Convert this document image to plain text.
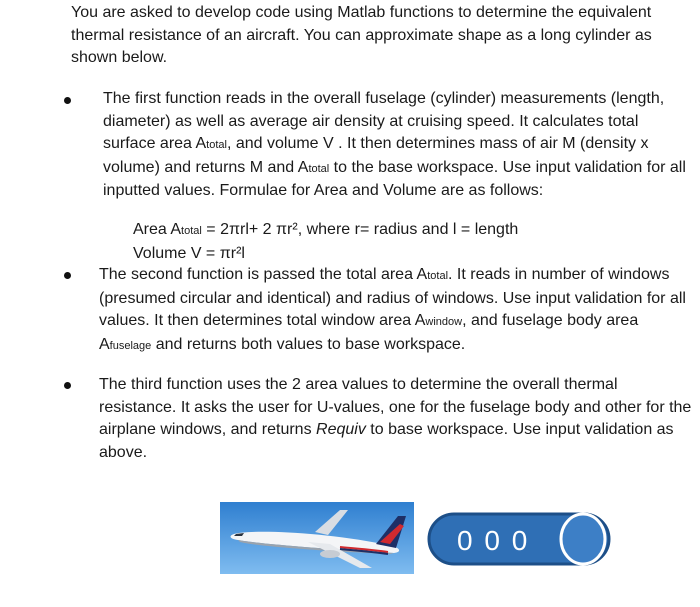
You are asked to develop code using Matlab functions to determine the equivalent thermal resistance of an aircraft. You can approximate shape as a long cylinder as shown below.
The first function reads in the overall fuselage (cylinder) measurements (length, diameter) as well as average air density at cruising speed. It calculates total surface area Atotal, and volume V . It then determines mass of air M (density x volume) and returns M and Atotal to the base workspace. Use input validation for all inputted values. Formulae for Area and Volume are as follows:
Area Atotal = 2πrl+ 2 πr², where r= radius and l = length
Volume V = πr²l
The second function is passed the total area Atotal. It reads in number of windows (presumed circular and identical) and radius of windows. Use input validation for all values. It then determines total window area Awindow, and fuselage body area Afuselage and returns both values to base workspace.
The third function uses the 2 area values to determine the overall thermal resistance. It asks the user for U-values, one for the fuselage body and other for the airplane windows, and returns Requiv to base workspace. Use input validation as above.
0 0 0
